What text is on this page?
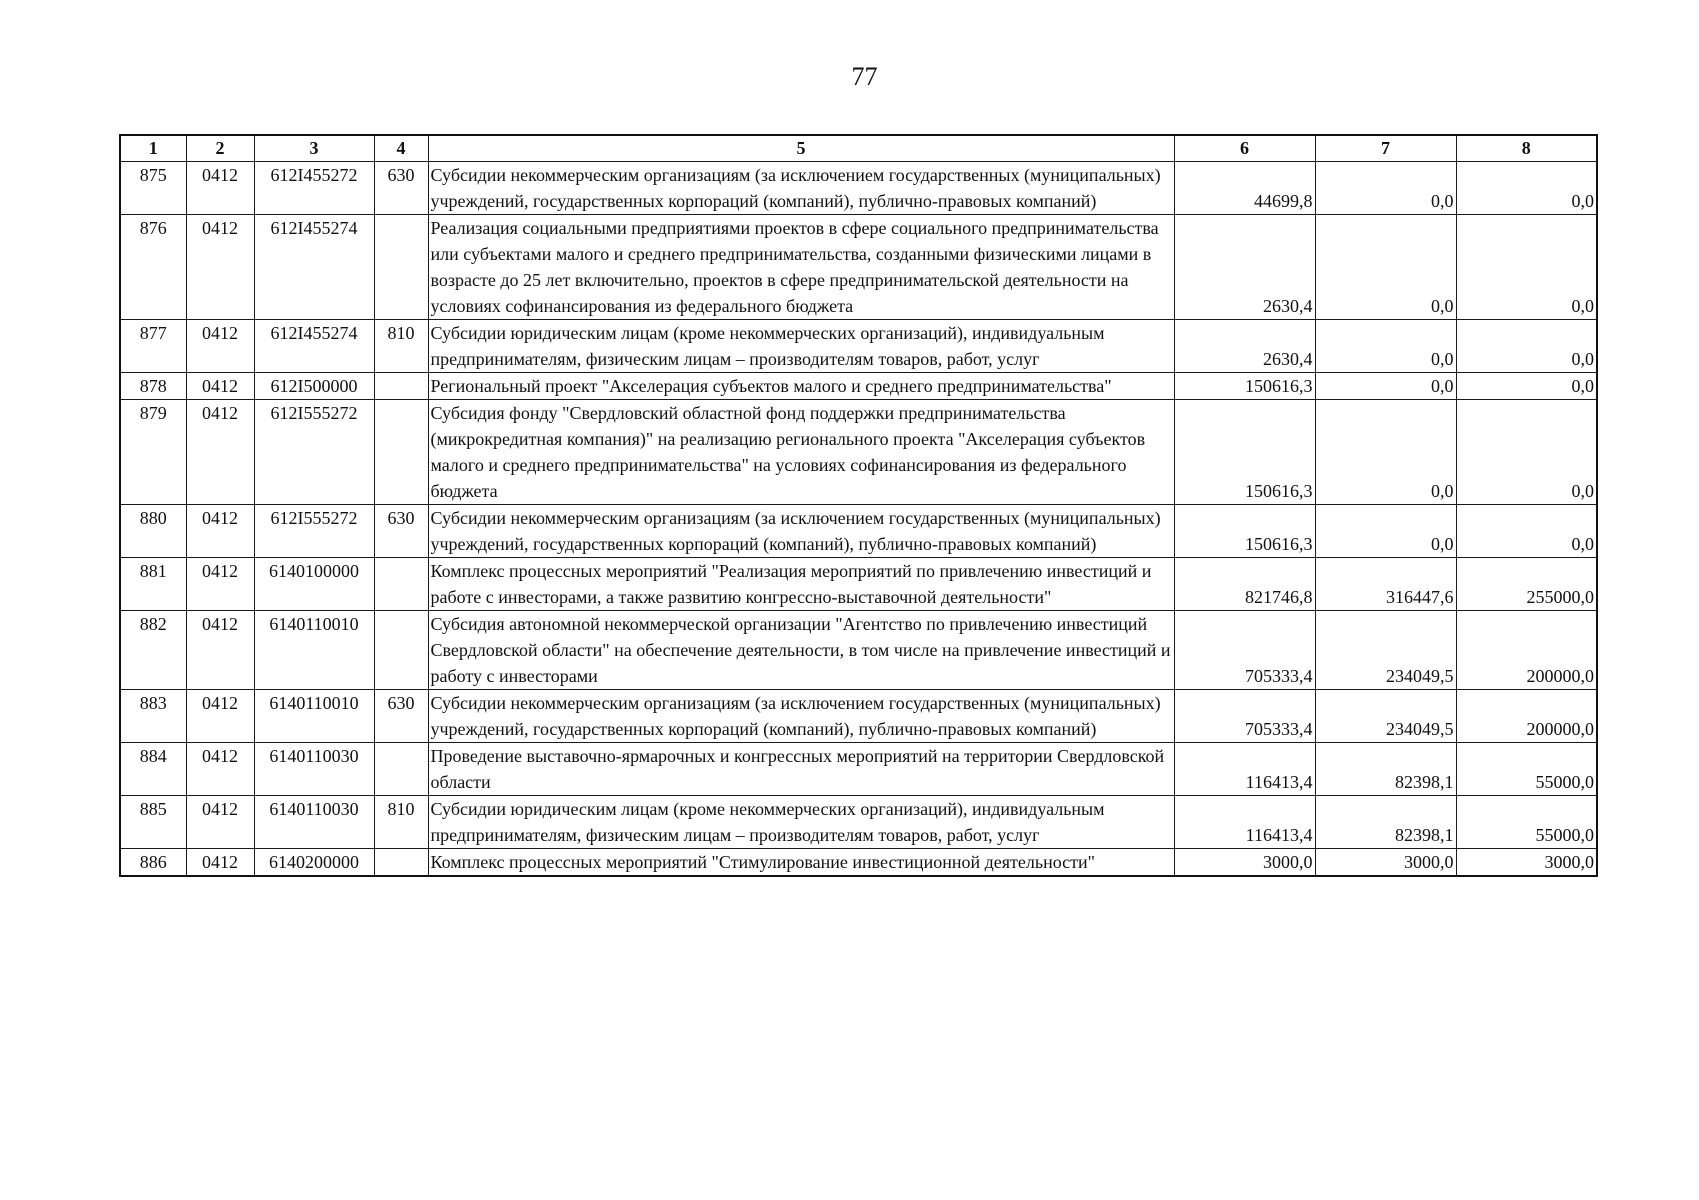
77
1	2	3	4	5	6	7	8
875	0412	612I455272	630	Субсидии некоммерческим организациям (за исключением государственных (муниципальных) учреждений, государственных корпораций (компаний), публично-правовых компаний)	44699,8	0,0	0,0
876	0412	612I455274		Реализация социальными предприятиями проектов в сфере социального предпринимательства или субъектами малого и среднего предпринимательства, созданными физическими лицами в возрасте до 25 лет включительно, проектов в сфере предпринимательской деятельности на условиях софинансирования из федерального бюджета	2630,4	0,0	0,0
877	0412	612I455274	810	Субсидии юридическим лицам (кроме некоммерческих организаций), индивидуальным предпринимателям, физическим лицам – производителям товаров, работ, услуг	2630,4	0,0	0,0
878	0412	612I500000		Региональный проект "Акселерация субъектов малого и среднего предпринимательства"	150616,3	0,0	0,0
879	0412	612I555272		Субсидия фонду "Свердловский областной фонд поддержки предпринимательства (микрокредитная компания)" на реализацию регионального проекта "Акселерация субъектов малого и среднего предпринимательства" на условиях софинансирования из федерального бюджета	150616,3	0,0	0,0
880	0412	612I555272	630	Субсидии некоммерческим организациям (за исключением государственных (муниципальных) учреждений, государственных корпораций (компаний), публично-правовых компаний)	150616,3	0,0	0,0
881	0412	6140100000		Комплекс процессных мероприятий "Реализация мероприятий по привлечению инвестиций и работе с инвесторами, а также развитию конгрессно-выставочной деятельности"	821746,8	316447,6	255000,0
882	0412	6140110010		Субсидия автономной некоммерческой организации "Агентство по привлечению инвестиций Свердловской области" на обеспечение деятельности, в том числе на привлечение инвестиций и работу с инвесторами	705333,4	234049,5	200000,0
883	0412	6140110010	630	Субсидии некоммерческим организациям (за исключением государственных (муниципальных) учреждений, государственных корпораций (компаний), публично-правовых компаний)	705333,4	234049,5	200000,0
884	0412	6140110030		Проведение выставочно-ярмарочных и конгрессных мероприятий на территории Свердловской области	116413,4	82398,1	55000,0
885	0412	6140110030	810	Субсидии юридическим лицам (кроме некоммерческих организаций), индивидуальным предпринимателям, физическим лицам – производителям товаров, работ, услуг	116413,4	82398,1	55000,0
886	0412	6140200000		Комплекс процессных мероприятий "Стимулирование инвестиционной деятельности"	3000,0	3000,0	3000,0
